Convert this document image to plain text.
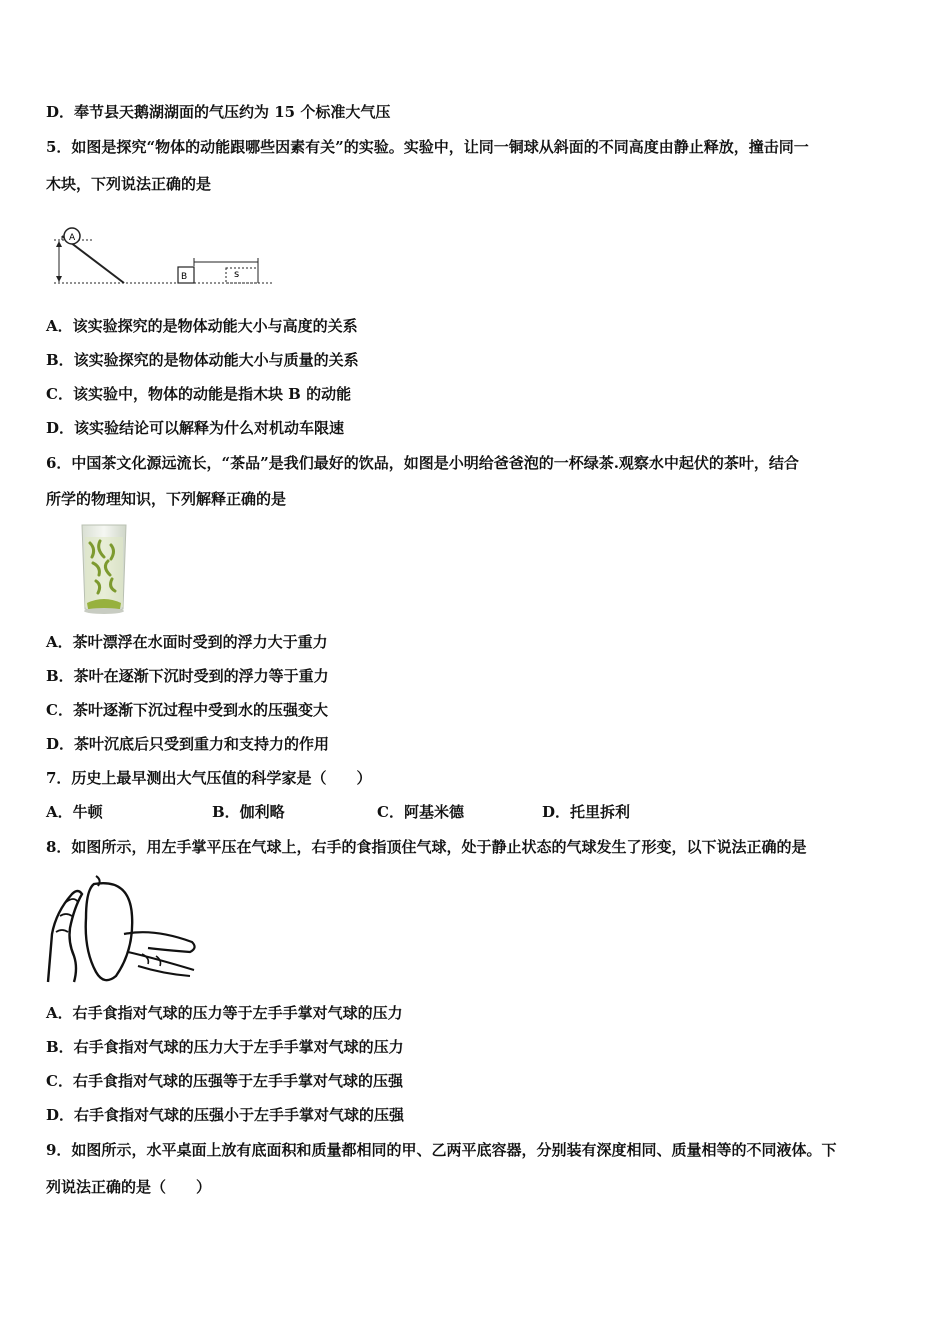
D．奉节县天鹅湖湖面的气压约为 15 个标准大气压
5．如图是探究“物体的动能跟哪些因素有关”的实验。实验中，让同一铜球从斜面的不同高度由静止释放，撞击同一
木块，下列说法正确的是
A
B	s
A．该实验探究的是物体动能大小与高度的关系
B．该实验探究的是物体动能大小与质量的关系
C．该实验中，物体的动能是指木块 B 的动能
D．该实验结论可以解释为什么对机动车限速
6．中国茶文化源远流长，“茶品”是我们最好的饮品，如图是小明给爸爸泡的一杯绿茶.观察水中起伏的茶叶，结合
所学的物理知识，下列解释正确的是
A．茶叶漂浮在水面时受到的浮力大于重力
B．茶叶在逐渐下沉时受到的浮力等于重力
C．茶叶逐渐下沉过程中受到水的压强变大
D．茶叶沉底后只受到重力和支持力的作用
7．历史上最早测出大气压值的科学家是（　　）
A．牛顿	B．伽利略	C．阿基米德	D．托里拆利
8．如图所示，用左手掌平压在气球上，右手的食指顶住气球，处于静止状态的气球发生了形变，以下说法正确的是
A．右手食指对气球的压力等于左手手掌对气球的压力
B．右手食指对气球的压力大于左手手掌对气球的压力
C．右手食指对气球的压强等于左手手掌对气球的压强
D．右手食指对气球的压强小于左手手掌对气球的压强
9．如图所示，水平桌面上放有底面积和质量都相同的甲、乙两平底容器，分别装有深度相同、质量相等的不同液体。下
列说法正确的是（　　）
